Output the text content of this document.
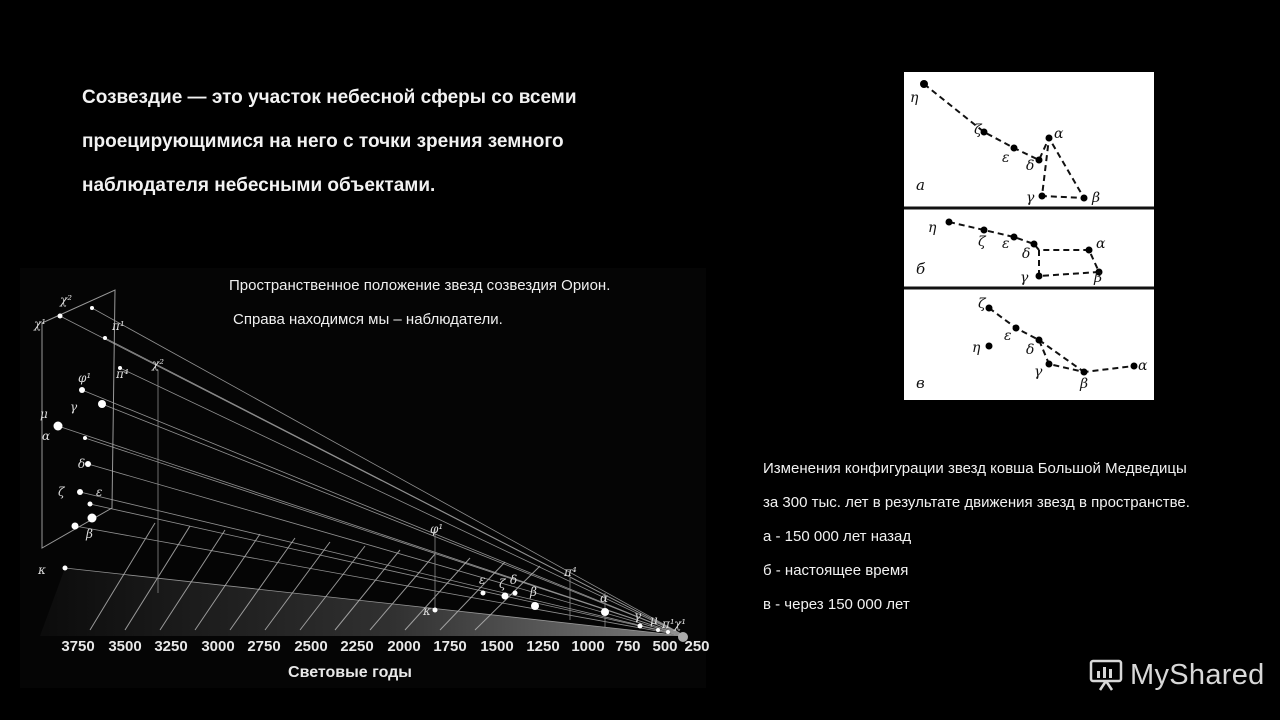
Созвездие — это участок небесной сферы со всеми

проецирующимися на него с точки зрения земного

наблюдателя небесными объектами.

χ²
χ¹	π¹
π⁴
φ¹
μ
α
γ
δ
ζ	ε
β
κ
χ²
φ¹
π⁴
ε ζ δ
β	α
κ	γ μ π¹ χ¹
3750 3500 3250 3000 2750 2500 2250 2000 1750 1500 1250 1000 750 500 250
Световые годы
Пространственное положение звезд созвездия Орион.
Справа находимся мы – наблюдатели.
а
б
в
η
ζ
ε δ
α
γ	β
η
ζ ε
δ
α
γ	β
ζ
η
ε
δ
γ
β
α

Изменения конфигурации звезд ковша Большой Медведицы

за 300 тыс. лет в результате движения звезд в пространстве.

а - 150 000 лет назад

б - настоящее время

в - через 150 000 лет

MyShared
